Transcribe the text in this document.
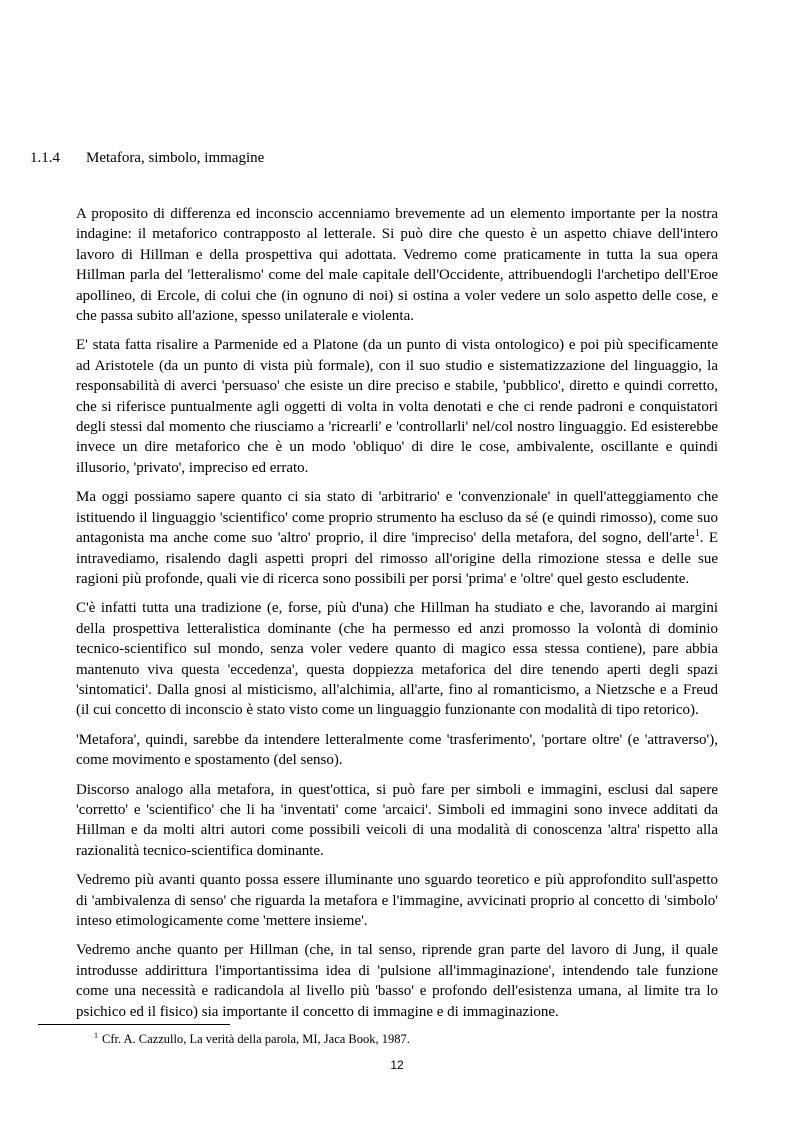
1.1.4 Metafora, simbolo, immagine

A proposito di differenza ed inconscio accenniamo brevemente ad un elemento importante per la nostra indagine: il metaforico contrapposto al letterale. Si può dire che questo è un aspetto chiave dell'intero lavoro di Hillman e della prospettiva qui adottata. Vedremo come praticamente in tutta la sua opera Hillman parla del 'letteralismo' come del male capitale dell'Occidente, attribuendogli l'archetipo dell'Eroe apollineo, di Ercole, di colui che (in ognuno di noi) si ostina a voler vedere un solo aspetto delle cose, e che passa subito all'azione, spesso unilaterale e violenta.

E' stata fatta risalire a Parmenide ed a Platone (da un punto di vista ontologico) e poi più specificamente ad Aristotele (da un punto di vista più formale), con il suo studio e sistematizzazione del linguaggio, la responsabilità di averci 'persuaso' che esiste un dire preciso e stabile, 'pubblico', diretto e quindi corretto, che si riferisce puntualmente agli oggetti di volta in volta denotati e che ci rende padroni e conquistatori degli stessi dal momento che riusciamo a 'ricrearli' e 'controllarli' nel/col nostro linguaggio. Ed esisterebbe invece un dire metaforico che è un modo 'obliquo' di dire le cose, ambivalente, oscillante e quindi illusorio, 'privato', impreciso ed errato.

Ma oggi possiamo sapere quanto ci sia stato di 'arbitrario' e 'convenzionale' in quell'atteggiamento che istituendo il linguaggio 'scientifico' come proprio strumento ha escluso da sé (e quindi rimosso), come suo antagonista ma anche come suo 'altro' proprio, il dire 'impreciso' della metafora, del sogno, dell'arte$^1$. E intravediamo, risalendo dagli aspetti propri del rimosso all'origine della rimozione stessa e delle sue ragioni più profonde, quali vie di ricerca sono possibili per porsi 'prima' e 'oltre' quel gesto escludente.

C'è infatti tutta una tradizione (e, forse, più d'una) che Hillman ha studiato e che, lavorando ai margini della prospettiva letteralistica dominante (che ha permesso ed anzi promosso la volontà di dominio tecnico-scientifico sul mondo, senza voler vedere quanto di magico essa stessa contiene), pare abbia mantenuto viva questa 'eccedenza', questa doppiezza metaforica del dire tenendo aperti degli spazi 'sintomatici'. Dalla gnosi al misticismo, all'alchimia, all'arte, fino al romanticismo, a Nietzsche e a Freud (il cui concetto di inconscio è stato visto come un linguaggio funzionante con modalità di tipo retorico).

'Metafora', quindi, sarebbe da intendere letteralmente come 'trasferimento', 'portare oltre' (e 'attraverso'), come movimento e spostamento (del senso).

Discorso analogo alla metafora, in quest'ottica, si può fare per simboli e immagini, esclusi dal sapere 'corretto' e 'scientifico' che li ha 'inventati' come 'arcaici'. Simboli ed immagini sono invece additati da Hillman e da molti altri autori come possibili veicoli di una modalità di conoscenza 'altra' rispetto alla razionalità tecnico-scientifica dominante.

Vedremo più avanti quanto possa essere illuminante uno sguardo teoretico e più approfondito sull'aspetto di 'ambivalenza di senso' che riguarda la metafora e l'immagine, avvicinati proprio al concetto di 'simbolo' inteso etimologicamente come 'mettere insieme'.

Vedremo anche quanto per Hillman (che, in tal senso, riprende gran parte del lavoro di Jung, il quale introdusse addirittura l'importantissima idea di 'pulsione all'immaginazione', intendendo tale funzione come una necessità e radicandola al livello più 'basso' e profondo dell'esistenza umana, al limite tra lo psichico ed il fisico) sia importante il concetto di immagine e di immaginazione.

$^1$ Cfr. A. Cazzullo, La verità della parola, MI, Jaca Book, 1987.
12
